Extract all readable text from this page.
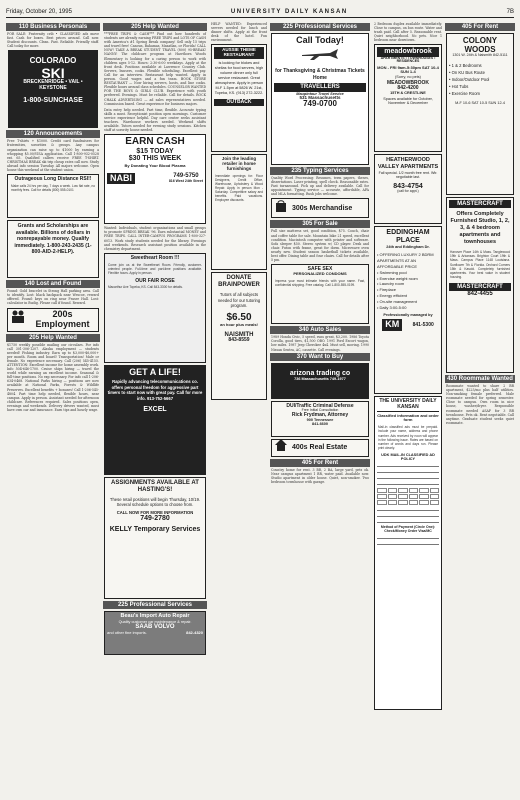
Friday, October 20, 1995	UNIVERSITY DAILY KANSAN	7B
110 Business Personals
FOR SALE: Fraternity crib • CLASSIFIED ads move fast. Cash for boxes. Best prices around. Call now. Student discounts. Clean. Fast. Reliable. Friendly staff. Call today for more.
COLORADO
SKI
BRECKENRIDGE • VAIL • KEYSTONE
1-800-SUNCHASE
120 Announcements
Free T-shirts + $1000. Credit card fundraisers for fraternities, sororities & groups. Any campus organization can raise up to $1000 by earning a whopping $5.00/VISA application. Call 1-800-932-0528 ext. 65. Qualified callers receive FREE T-SHIRT. CHRISTMAS BREAK ski trip cheap rates call now. Study abroad info session Tuesday. All majors welcome. Open house this weekend at the student union.
Outrageous Long Distance RSI!!
Make calls 24 hrs per day, 7 days a week. Low flat rate, no monthly fees. Call for details (800) 555-0101
Grants and Scholarships are available. Billions of dollars in nonrepayable money. Qualify immediately. 1-800-243-2435 (1-800-AID-2-HELP).
140 Lost and Found
Found: Gold bracelet in Strong Hall parking area. Call to identify. Lost: black backpack near Wescoe, reward offered. Found: keys on ring near Fraser Hall. Lost: calculator in Budig. Please call if found. Reward.
200s Employment
205 Help Wanted
$1750 weekly possible mailing our circulars. For info call 301-306-1207. Alaska employment — students needed! Fishing industry. Earn up to $3,000-$6,000+ per month. Room and board! Transportation! Male or female. No experience necessary. Call (206) 545-4155. ATTENTION: Excellent income for home assembly work. Info 504-646-1700. Cruise ships hiring — travel the world while earning an excellent income. Seasonal & full-time positions. No exp necessary. For info call 1-206-634-0468. National Parks hiring — positions are now available at National Parks, Forests & Wildlife Preserves. Excellent benefits + bonuses! Call 1-206-545-4804. Part time help needed, flexible hours, near campus. Apply in person. Assistant needed for afternoon childcare. References required. Sales positions open, evenings and weekends. Delivery drivers wanted, must have own car and insurance. Earn tips and hourly wage.
205 Help Wanted
***FREE TRIPS & CASH*** Find out how hundreds of students are already earning FREE TRIPS and LOTS OF CASH with America's #1 Spring Break company! Sell only 15 trips and travel free! Cancun, Bahamas, Mazatlan, or Florida! CALL NOW! TAKE A BREAK STUDENT TRAVEL (800) 95-BREAK! NANNY: The childcare program at Hawthorn Woods Elementary is looking for a caring person to work with children ages 5-12. Hours: 2:30-6:00 weekdays. Apply at the front desk. Positions available at Lawrence Country Club. Servers, bussers, cooks. Flexible scheduling. Excellent pay. Call for an interview. Restaurant help wanted. Apply in person. Good wages and a fun team. BOOK STORE RESTAURANT — Now hiring servers, hosts, and line cooks. Flexible hours around class schedules. COUNSELOR WANTED FOR THE BOYS & GIRLS CLUB. Experience with youth preferred. Evenings. Must be reliable. Call for details. ROCK CHALK ADVERTISING — ad sales representatives needed. Commission based. Great experience for business majors.
Data entry help needed. Part time, flexible. Accurate typing skills a must. Receptionist position open mornings. Customer service experience helpful. Day care center seeks assistant teachers. Warehouse workers needed. Weekend shifts available. Tutors needed for evening study sessions. Kitchen staff at sorority house needed.
EARN CASH
$15 TODAY
$30 THIS WEEK
By Donating Your Blood Plasma
NABI	749-5750
816 West 24th Street
Wanted: Individuals, student organizations and small groups to promote SPRING BREAK '96. Earn substantial MONEY and FREE TRIPS. CALL INTER-CAMPUS PROGRAMS 1-800-327-6013. Work study students needed for the library. Evenings and weekends. Research assistant position available in the chemistry department.
Sweetheart Room !!!
Come join us at the Sweetheart Room. Friendly, customer-oriented people. Full-time and part-time positions available. Flexible hours. Apply in person.
OUR FAIR ROSE
Macarthur Ave Topeka, KS. Call 843-3300 for details.
GET A LIFE!
Rapidly advancing telecommunications co. offers personal freedom for aggressive part timers to start now with great pay. Call for more info. 913-752-5667
EXCEL
ASSIGNMENTS AVAILABLE AT HASTING'S!
These retail positions will begin Thursday, 10/19. Several schedule options to choose from.
CALL NOW FOR MORE INFORMATION
749-2780
KELLY Temporary Services
225 Professional Services
Beau's Import Auto Repair
Quality customer car maintenance & repair.
SAAB VOLVO
and other fine imports.	842-4320
HELP WANTED: Experienced servers needed for lunch and dinner shifts. Apply at the front desk of the hotel. Fun environment.
AUSSIE THEME RESTAURANT
is looking for blokes and sheilas for food servers, high volume dinner only full service restaurant. Great atmosphere. Apply in person M-F 1-5pm at 5826 W. 21st, Topeka, KS. (913) 272-3222.
OUTBACK
Join the leading retailer in home furnishings
Immediate openings for: Floor Designers, Credit Office, Warehouse, Upholstery & Wood Repair. Apply in person Mon - Saturday. Competitive salary and benefits. Paid vacations. Employee discounts.
DONATE BRAINPOWER
Tutors of all subjects needed for our tutoring program.
$6.50
an hour plus meals!
NAISMITH
843-8559
225 Professional Services
Call Today!
for Thanksgiving & Christmas Tickets Home
TRAVELLERS
Maupintour Travel Service
531 Massachusetts
749-0700
235 Typing Services
Quality Word Processing: Resumes, term papers, theses, dissertations. Laser printing, spell check. Reasonable rates. Fast turnaround. Pick up and delivery available. Call for appointment. Typing service — accurate, affordable, APA and MLA formatting. Rush jobs welcome.
300s Merchandise
305 For Sale
Full size mattress set, good condition, $75. Couch, chair and coffee table for sale. Mountain bike 21 speed, excellent condition. Macintosh computer with printer and software. Sofa sleeper $50. Stereo system w/ CD player. Desk and chair. Futon with frame, great for dorm. Microwave oven nearly new. Student season basketball tickets available, best offer. Dining table and four chairs. Call for details after 5 pm.
SAFE SEX
PERSONALIZED CONDOMS
Impress your most intimate friends with your name. Fast, confidential shipping. Free catalog. Call 1-800-555-0199.
340 Auto Sales
1989 Honda Civic, 5 speed, runs great, $3,200. 1986 Toyota Corolla, good tires, $1,500 OBO. 1991 Ford Escort wagon, low miles. 1987 Jeep Cherokee 4x4. Must sell, moving. 1990 Nissan Sentra, AC, cassette. Call evenings.
370 Want to Buy
arizona trading co
736 Massachusetts 749-1977
DUI/Traffic Criminal Defense
Free Initial Consultation
Rick Frydman, Attorney
900 Tennessee
841-6600
400s Real Estate
405 For Rent
Country home for rent. 3 BR, 2 BA, large yard, pets ok. Near campus apartment 1 BR, water paid. Available now. Studio apartment in older house. Quiet, non-smoker. Two bedroom townhouse with garage.
2 Bedroom duplex available immediately. Close to campus, on bus route. Water and trash paid. Call after 5. Reasonable rent. Quiet neighborhood. No pets. Nice 1 bedroom near downtown.
meadowbrook
APARTMENTS • TOWNHOUSES • RESIDENCES
MON - FRI 9am-5:30pm SAT 10-4 SUN 1-4
(Sorry, no pets)
MEADOWBROOK
842-4200
15TH & CRESTLINE
Spaces available for October, November & December
HEATHERWOOD VALLEY APARTMENTS
Fall special. 1/2 month free rent. Wtr. negotiable last.
843-4754
(call for appt.)
EDDINGHAM PLACE
24th and Eddingham Dr.
• OFFERING LUXURY 2 BDRM APARTMENTS AT AN AFFORDABLE PRICE
• Swimming pool
• Exercise weight room
• Laundry room
• Fireplace
• Energy efficient
• On-site management
• Daily 3:00-5:00
Professionally managed by
KM	841-5300
THE UNIVERSITY DAILY KANSAN
Classified information and order form
Mail-in classified ads must be prepaid. Include your name, address and phone number. Ads received by noon will appear in the following issue. Rates are based on number of words and days run. Please print clearly.
UDK MAIL-IN CLASSIFIED AD POLICY
Method of Payment (Circle One): Check/Money Order Visa/MC
405 For Rent
COLONY WOODS
1301 W. 24th & Naismith 842-5111
• 1 & 2 Bedrooms
• On KU Bus Route
• Indoor/Outdoor Pool
• Hot Tubs
• Exercise Room
M-F 10-6 SAT 10-5 SUN 12-4
MASTERCRAFT
Offers Completely Furnished Studio, 1, 2, 3, & 4 bedroom apartments and townhouses
Hanover Place 14th & Mass. Tanglewood 19th & Arkansas. Brighton Court 19th & Mass. Campus Place 1148 Louisiana. Sunflower 7th & Florida. Orchard Corners 15th & Kasold. Completely furnished apartments. Your best value in student housing.
MASTERCRAFT
842-4455
430 Roommate Wanted
Roommate wanted to share 2 BR apartment, $225/mo plus half utilities. Non-smoking female preferred. Male roommate needed for spring semester. Close to campus. Own room in nice house, washer/dryer. Responsible roommate needed ASAP for 3 BR townhouse. Pets ok. Rent negotiable. Call anytime. Graduate student seeks quiet roommate.
